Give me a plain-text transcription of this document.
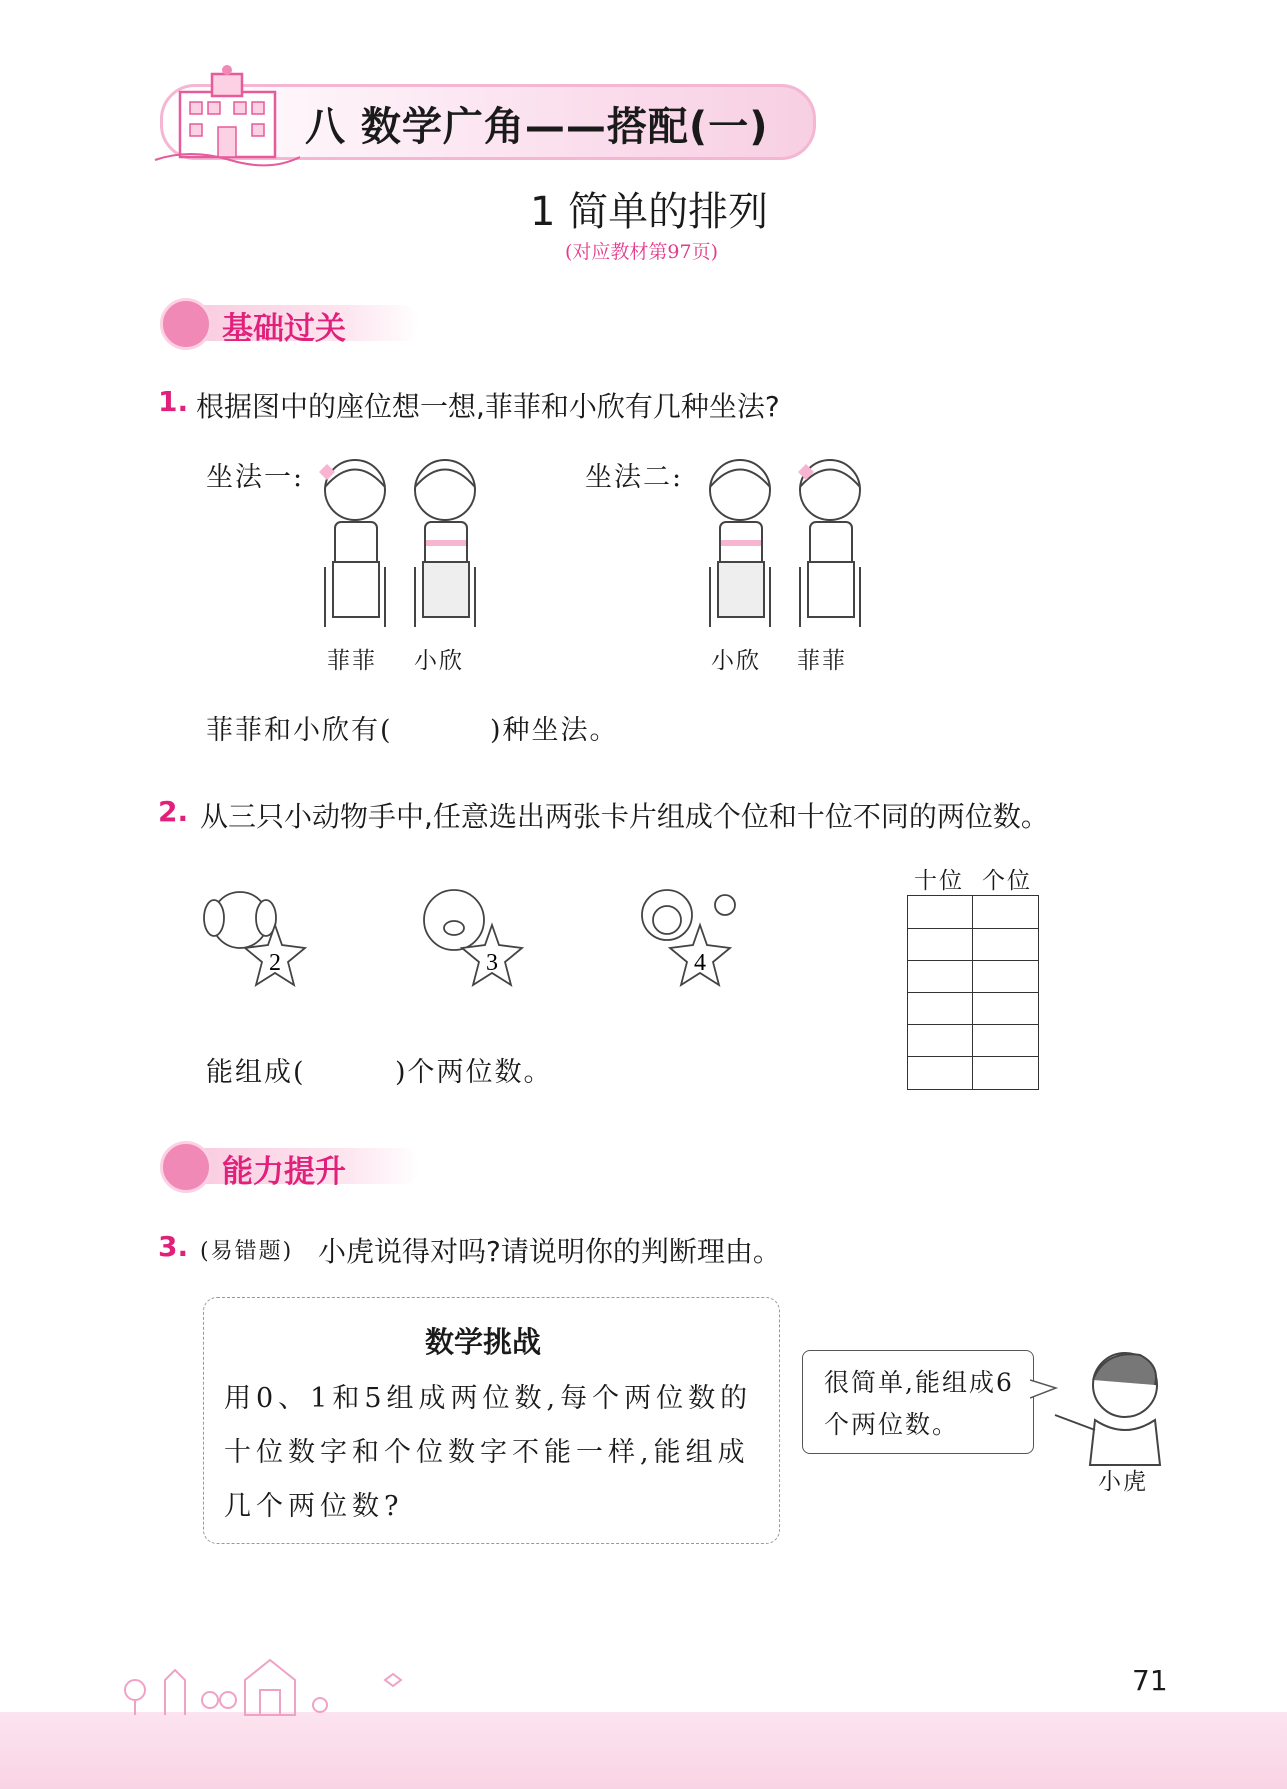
八 数学广角——搭配(一)
1 简单的排列
(对应教材第97页)
基础过关
1. 根据图中的座位想一想,菲菲和小欣有几种坐法?
坐法一:	坐法二:
菲菲 小欣	小欣 菲菲
菲菲和小欣有(	)种坐法。
2. 从三只小动物手中,任意选出两张卡片组成个位和十位不同的两位数。
2	3	4
十位 个位
能组成(	)个两位数。
能力提升
3. (易错题) 小虎说得对吗?请说明你的判断理由。
数学挑战
用0、1和5组成两位数,每个两位数的十位数字和个位数字不能一样,能组成几个两位数?
很简单,能组成6个两位数。
小虎
71
